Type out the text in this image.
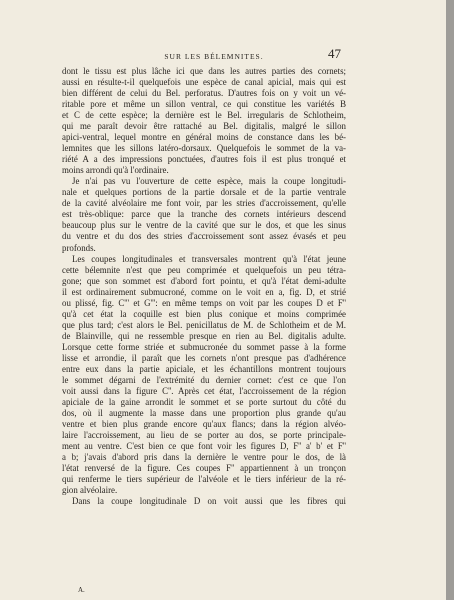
SUR LES BÉLEMNITES.	47
dont le tissu est plus lâche ici que dans les autres parties des cornets;
aussi en résulte-t-il quelquefois une espèce de canal apicial, mais qui est
bien différent de celui du Bel. perforatus. D'autres fois on y voit un vé-
ritable pore et même un sillon ventral, ce qui constitue les variétés B
et C de cette espèce; la dernière est le Bel. irregularis de Schlotheim,
qui me paraît devoir être rattaché au Bel. digitalis, malgré le sillon
apici-ventral, lequel montre en général moins de constance dans les bé-
lemnites que les sillons latéro-dorsaux. Quelquefois le sommet de la va-
riété A a des impressions ponctuées, d'autres fois il est plus tronqué et
moins arrondi qu'à l'ordinaire.
Je n'ai pas vu l'ouverture de cette espèce, mais la coupe longitudi-
nale et quelques portions de la partie dorsale et de la partie ventrale
de la cavité alvéolaire me font voir, par les stries d'accroissement, qu'elle
est très-oblique: parce que la tranche des cornets intérieurs descend
beaucoup plus sur le ventre de la cavité que sur le dos, et que les sinus
du ventre et du dos des stries d'accroissement sont assez évasés et peu
profonds.
Les coupes longitudinales et transversales montrent qu'à l'état jeune
cette bélemnite n'est que peu comprimée et quelquefois un peu tétra-
gone; que son sommet est d'abord fort pointu, et qu'à l'état demi-adulte
il est ordinairement submucroné, comme on le voit en a, fig. D, et strié
ou plissé, fig. C''' et G''': en même temps on voit par les coupes D et F''
qu'à cet état la coquille est bien plus conique et moins comprimée
que plus tard; c'est alors le Bel. penicillatus de M. de Schlotheim et de M.
de Blainville, qui ne ressemble presque en rien au Bel. digitalis adulte.
Lorsque cette forme striée et submucronée du sommet passe à la forme
lisse et arrondie, il paraît que les cornets n'ont presque pas d'adhérence
entre eux dans la partie apiciale, et les échantillons montrent toujours
le sommet dégarni de l'extrémité du dernier cornet: c'est ce que l'on
voit aussi dans la figure C''. Après cet état, l'accroissement de la région
apiciale de la gaine arrondit le sommet et se porte surtout du côté du
dos, où il augmente la masse dans une proportion plus grande qu'au
ventre et bien plus grande encore qu'aux flancs; dans la région alvéo-
laire l'accroissement, au lieu de se porter au dos, se porte principale-
ment au ventre. C'est bien ce que font voir les figures D, F'' a' b' et F''
a b; j'avais d'abord pris dans la dernière le ventre pour le dos, de là
l'état renversé de la figure. Ces coupes F'' appartiennent à un tronçon
qui renferme le tiers supérieur de l'alvéole et le tiers inférieur de la ré-
gion alvéolaire.
Dans la coupe longitudinale D on voit aussi que les fibres qui
A.
